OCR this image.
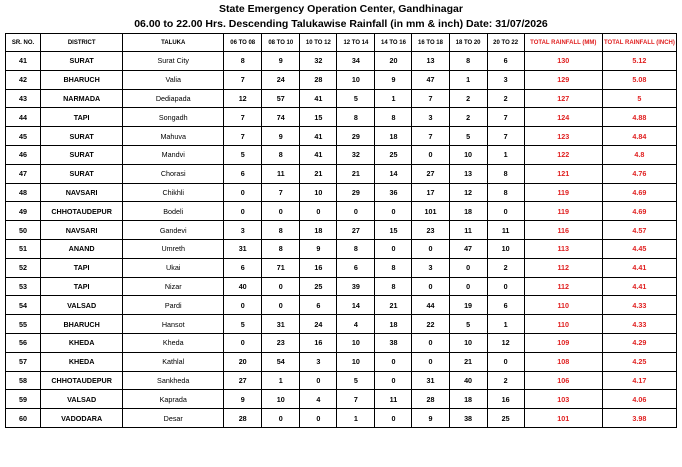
State Emergency Operation Center, Gandhinagar
06.00 to 22.00 Hrs. Descending Talukawise Rainfall (in mm & inch) Date: 31/07/2026
SR. NO.	DISTRICT	TALUKA	06 TO 08	08 TO 10	10 TO 12	12 TO 14	14 TO 16	16 TO 18	18 TO 20	20 TO 22	TOTAL RAINFALL (MM)	TOTAL RAINFALL (INCH)
41	SURAT	Surat City	8	9	32	34	20	13	8	6	130	5.12
42	BHARUCH	Valia	7	24	28	10	9	47	1	3	129	5.08
43	NARMADA	Dediapada	12	57	41	5	1	7	2	2	127	5
44	TAPI	Songadh	7	74	15	8	8	3	2	7	124	4.88
45	SURAT	Mahuva	7	9	41	29	18	7	5	7	123	4.84
46	SURAT	Mandvi	5	8	41	32	25	0	10	1	122	4.8
47	SURAT	Chorasi	6	11	21	21	14	27	13	8	121	4.76
48	NAVSARI	Chikhli	0	7	10	29	36	17	12	8	119	4.69
49	CHHOTAUDEPUR	Bodeli	0	0	0	0	0	101	18	0	119	4.69
50	NAVSARI	Gandevi	3	8	18	27	15	23	11	11	116	4.57
51	ANAND	Umreth	31	8	9	8	0	0	47	10	113	4.45
52	TAPI	Ukai	6	71	16	6	8	3	0	2	112	4.41
53	TAPI	Nizar	40	0	25	39	8	0	0	0	112	4.41
54	VALSAD	Pardi	0	0	6	14	21	44	19	6	110	4.33
55	BHARUCH	Hansot	5	31	24	4	18	22	5	1	110	4.33
56	KHEDA	Kheda	0	23	16	10	38	0	10	12	109	4.29
57	KHEDA	Kathlal	20	54	3	10	0	0	21	0	108	4.25
58	CHHOTAUDEPUR	Sankheda	27	1	0	5	0	31	40	2	106	4.17
59	VALSAD	Kaprada	9	10	4	7	11	28	18	16	103	4.06
60	VADODARA	Desar	28	0	0	1	0	9	38	25	101	3.98
